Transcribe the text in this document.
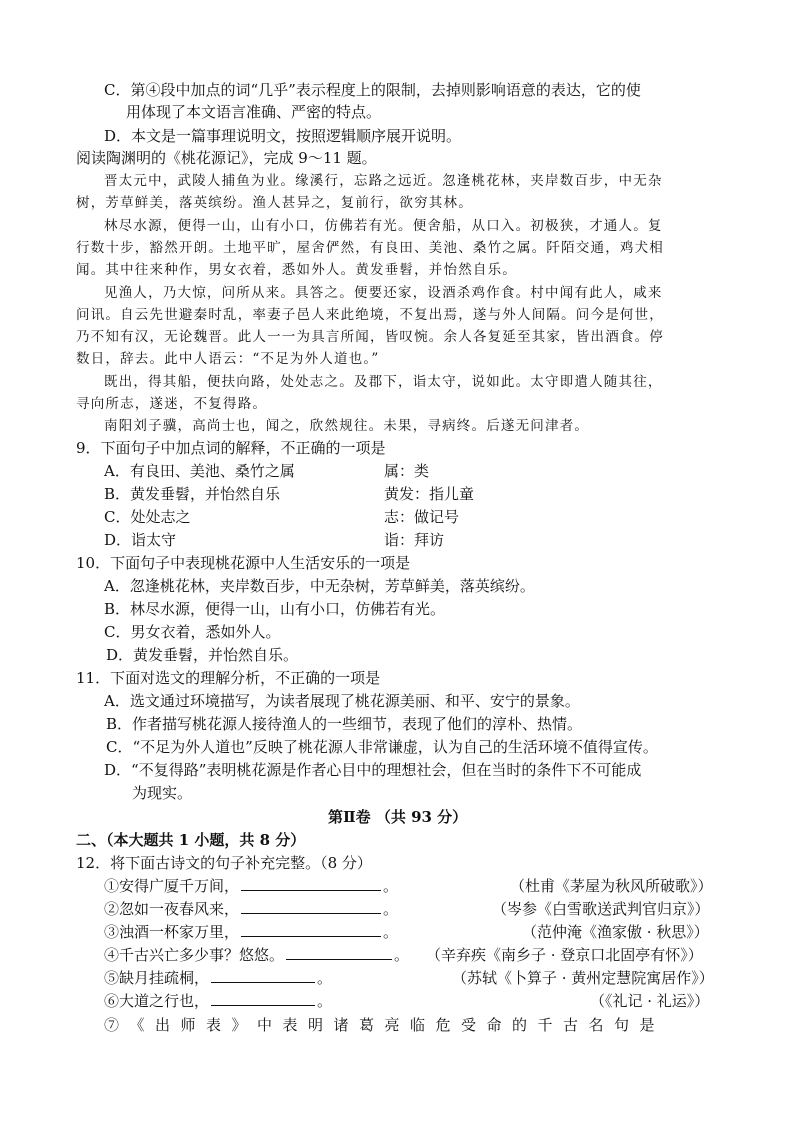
C．第④段中加点的词“几乎”表示程度上的限制，去掉则影响语意的表达，它的使
用体现了本文语言准确、严密的特点。
D．本文是一篇事理说明文，按照逻辑顺序展开说明。
阅读陶渊明的《桃花源记》，完成 9～11 题。
晋太元中，武陵人捕鱼为业。缘溪行，忘路之远近。忽逢桃花林，夹岸数百步，中无杂
树，芳草鲜美，落英缤纷。渔人甚异之，复前行，欲穷其林。
林尽水源，便得一山，山有小口，仿佛若有光。便舍船，从口入。初极狭，才通人。复
行数十步，豁然开朗。土地平旷，屋舍俨然，有良田、美池、桑竹之属。阡陌交通，鸡犬相
闻。其中往来种作，男女衣着，悉如外人。黄发垂髫，并怡然自乐。
见渔人，乃大惊，问所从来。具答之。便要还家，设酒杀鸡作食。村中闻有此人，咸来
问讯。自云先世避秦时乱，率妻子邑人来此绝境，不复出焉，遂与外人间隔。问今是何世，
乃不知有汉，无论魏晋。此人一一为具言所闻，皆叹惋。余人各复延至其家，皆出酒食。停
数日，辞去。此中人语云：“不足为外人道也。”
既出，得其船，便扶向路，处处志之。及郡下，诣太守，说如此。太守即遣人随其往，
寻向所志，遂迷，不复得路。
南阳刘子骥，高尚士也，闻之，欣然规往。未果，寻病终。后遂无问津者。
9．下面句子中加点词的解释，不正确的一项是
A．有良田、美池、桑竹之属	属：类
B．黄发垂髫，并怡然自乐	黄发：指儿童
C．处处志之	志：做记号
D．诣太守	诣：拜访
10．下面句子中表现桃花源中人生活安乐的一项是
A．忽逢桃花林，夹岸数百步，中无杂树，芳草鲜美，落英缤纷。
B．林尽水源，便得一山，山有小口，仿佛若有光。
C．男女衣着，悉如外人。
D．黄发垂髫，并怡然自乐。
11．下面对选文的理解分析，不正确的一项是
A．选文通过环境描写，为读者展现了桃花源美丽、和平、安宁的景象。
B．作者描写桃花源人接待渔人的一些细节，表现了他们的淳朴、热情。
C．“不足为外人道也”反映了桃花源人非常谦虚，认为自己的生活环境不值得宣传。
D．“不复得路”表明桃花源是作者心目中的理想社会，但在当时的条件下不可能成
为现实。
第Ⅱ卷 （共 93 分）
二、（本大题共 1 小题，共 8 分）
12．将下面古诗文的句子补充完整。（8 分）
①安得广厦千万间，	。	（杜甫《茅屋为秋风所破歌》）
②忽如一夜春风来，	。	（岑参《白雪歌送武判官归京》）
③浊酒一杯家万里，	。	（范仲淹《渔家傲 · 秋思》）
④千古兴亡多少事？悠悠。	。 （辛弃疾《南乡子 · 登京口北固亭有怀》）
⑤缺月挂疏桐，	。	（苏轼《卜算子 · 黄州定慧院寓居作》）
⑥大道之行也，	。	（《礼记 · 礼运》）
⑦《出师表》中表明诸葛亮临危受命的千古名句是
